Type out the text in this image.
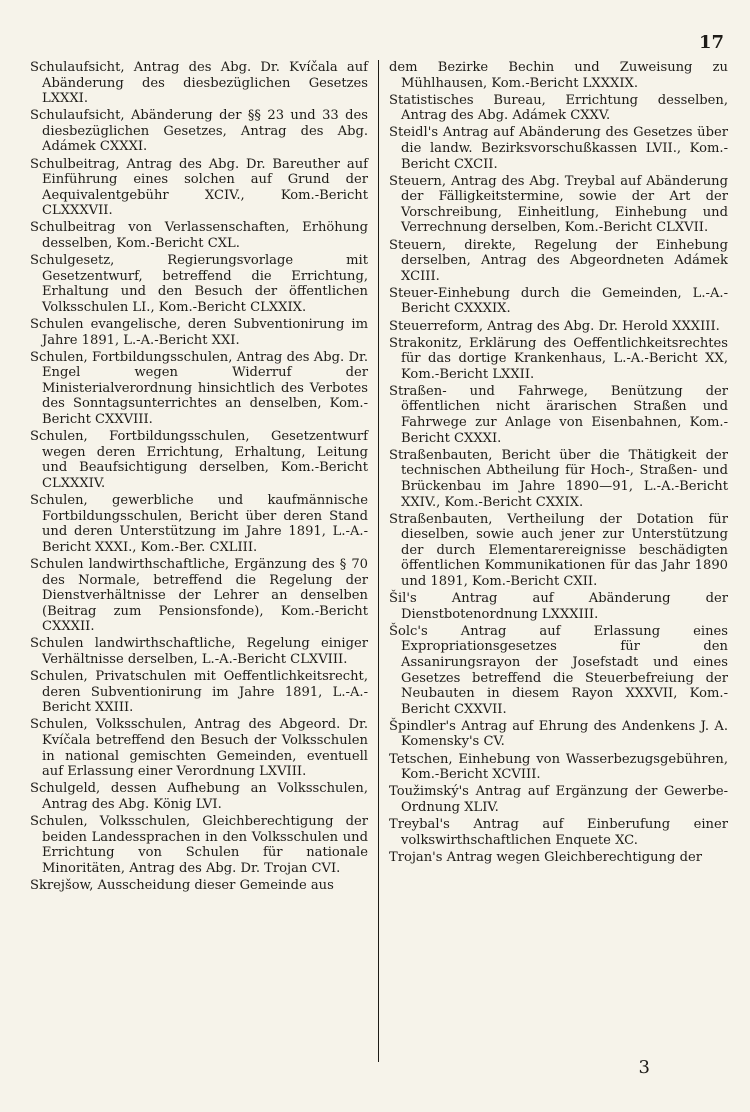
17

Schulaufsicht, Antrag des Abg. Dr. Kvíčala auf Abänderung des diesbezüglichen Gesetzes LXXXI.

Schulaufsicht, Abänderung der §§ 23 und 33 des diesbezüglichen Gesetzes, Antrag des Abg. Adámek CXXXI.

Schulbeitrag, Antrag des Abg. Dr. Bareuther auf Einführung eines solchen auf Grund der Aequivalentgebühr XCIV., Kom.-Bericht CLXXXVII.

Schulbeitrag von Verlassenschaften, Erhöhung desselben, Kom.-Bericht CXL.

Schulgesetz, Regierungsvorlage mit Gesetzentwurf, betreffend die Errichtung, Erhaltung und den Besuch der öffentlichen Volksschulen LI., Kom.-Bericht CLXXIX.

Schulen evangelische, deren Subventionirung im Jahre 1891, L.-A.-Bericht XXI.

Schulen, Fortbildungsschulen, Antrag des Abg. Dr. Engel wegen Widerruf der Ministerialverordnung hinsichtlich des Verbotes des Sonntagsunterrichtes an denselben, Kom.-Bericht CXXVIII.

Schulen, Fortbildungsschulen, Gesetzentwurf wegen deren Errichtung, Erhaltung, Leitung und Beaufsichtigung derselben, Kom.-Bericht CLXXXIV.

Schulen, gewerbliche und kaufmännische Fortbildungsschulen, Bericht über deren Stand und deren Unterstützung im Jahre 1891, L.-A.-Bericht XXXI., Kom.-Ber. CXLIII.

Schulen landwirthschaftliche, Ergänzung des § 70 des Normale, betreffend die Regelung der Dienstverhältnisse der Lehrer an denselben (Beitrag zum Pensionsfonde), Kom.-Bericht CXXXII.

Schulen landwirthschaftliche, Regelung einiger Verhältnisse derselben, L.-A.-Bericht CLXVIII.

Schulen, Privatschulen mit Oeffentlichkeitsrecht, deren Subventionirung im Jahre 1891, L.-A.-Bericht XXIII.

Schulen, Volksschulen, Antrag des Abgeord. Dr. Kvíčala betreffend den Besuch der Volksschulen in national gemischten Gemeinden, eventuell auf Erlassung einer Verordnung LXVIII.

Schulgeld, dessen Aufhebung an Volksschulen, Antrag des Abg. König LVI.

Schulen, Volksschulen, Gleichberechtigung der beiden Landessprachen in den Volksschulen und Errichtung von Schulen für nationale Minoritäten, Antrag des Abg. Dr. Trojan CVI.

Skrejšow, Ausscheidung dieser Gemeinde aus

dem Bezirke Bechin und Zuweisung zu Mühlhausen, Kom.-Bericht LXXXIX.

Statistisches Bureau, Errichtung desselben, Antrag des Abg. Adámek CXXV.

Steidl's Antrag auf Abänderung des Gesetzes über die landw. Bezirksvorschußkassen LVII., Kom.-Bericht CXCII.

Steuern, Antrag des Abg. Treybal auf Abänderung der Fälligkeitstermine, sowie der Art der Vorschreibung, Einheitlung, Einhebung und Verrechnung derselben, Kom.-Bericht CLXVII.

Steuern, direkte, Regelung der Einhebung derselben, Antrag des Abgeordneten Adámek XCIII.

Steuer-Einhebung durch die Gemeinden, L.-A.-Bericht CXXXIX.

Steuerreform, Antrag des Abg. Dr. Herold XXXIII.

Strakonitz, Erklärung des Oeffentlichkeitsrechtes für das dortige Krankenhaus, L.-A.-Bericht XX, Kom.-Bericht LXXII.

Straßen- und Fahrwege, Benützung der öffentlichen nicht ärarischen Straßen und Fahrwege zur Anlage von Eisenbahnen, Kom.-Bericht CXXXI.

Straßenbauten, Bericht über die Thätigkeit der technischen Abtheilung für Hoch-, Straßen- und Brückenbau im Jahre 1890—91, L.-A.-Bericht XXIV., Kom.-Bericht CXXIX.

Straßenbauten, Vertheilung der Dotation für dieselben, sowie auch jener zur Unterstützung der durch Elementarereignisse beschädigten öffentlichen Kommunikationen für das Jahr 1890 und 1891, Kom.-Bericht CXII.

Šil's Antrag auf Abänderung der Dienstbotenordnung LXXXIII.

Šolc's Antrag auf Erlassung eines Expropriationsgesetzes für den Assanirungsrayon der Josefstadt und eines Gesetzes betreffend die Steuerbefreiung der Neubauten in diesem Rayon XXXVII, Kom.-Bericht CXXVII.

Špindler's Antrag auf Ehrung des Andenkens J. A. Komensky's CV.

Tetschen, Einhebung von Wasserbezugsgebühren, Kom.-Bericht XCVIII.

Toužimský's Antrag auf Ergänzung der Gewerbe-Ordnung XLIV.

Treybal's Antrag auf Einberufung einer volkswirthschaftlichen Enquete XC.

Trojan's Antrag wegen Gleichberechtigung der

3
